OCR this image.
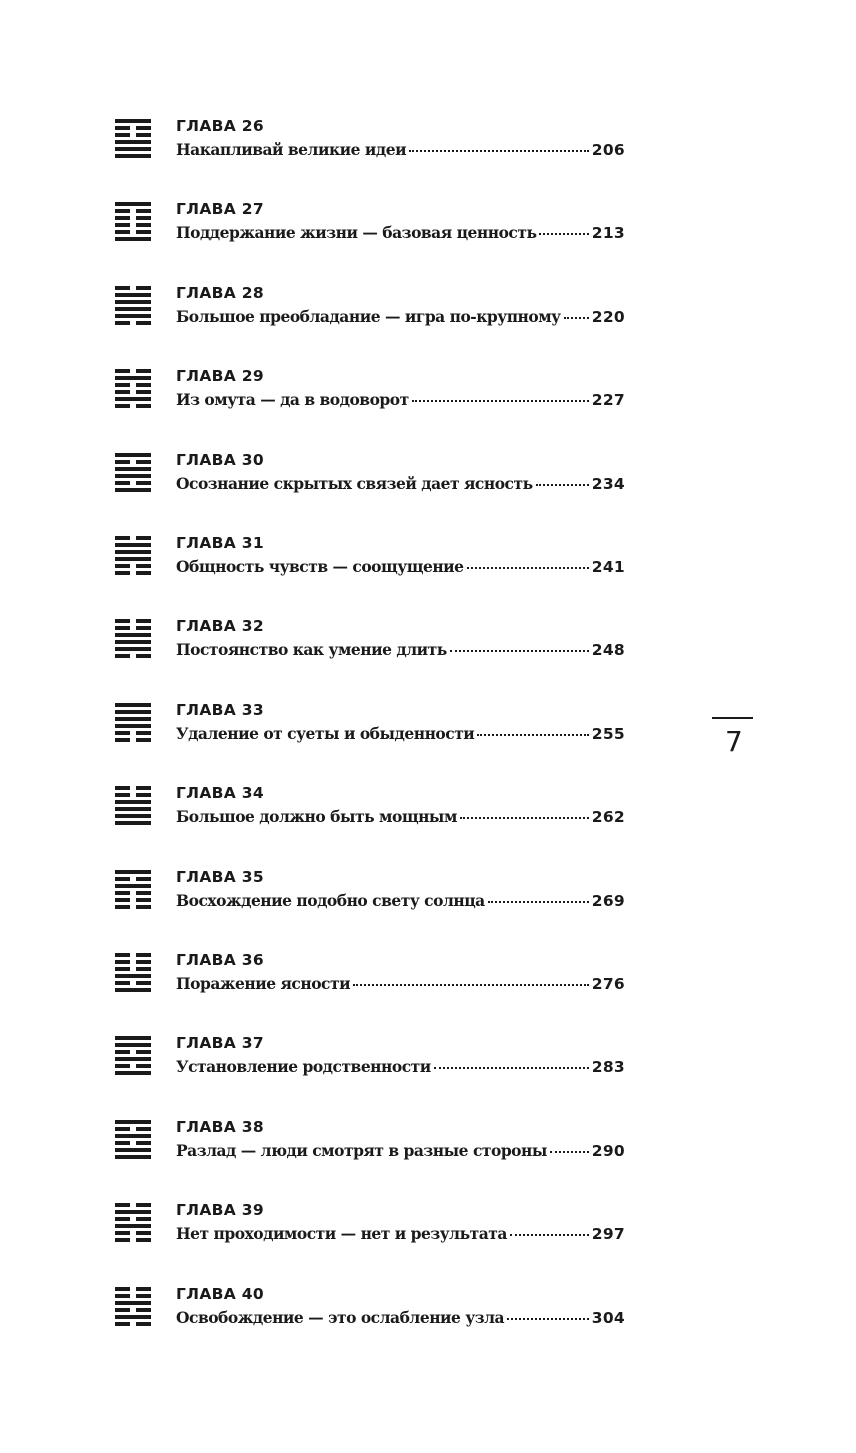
ГЛАВА 26
Накапливай великие идеи	206
ГЛАВА 27
Поддержание жизни — базовая ценность	213
ГЛАВА 28
Большое преобладание — игра по-крупному 220
ГЛАВА 29
Из омута — да в водоворот	227
ГЛАВА 30
Осознание скрытых связей дает ясность	234
ГЛАВА 31
Общность чувств — соощущение	241
ГЛАВА 32
Постоянство как умение длить	248
ГЛАВА 33
Удаление от суеты и обыденности	255
ГЛАВА 34
Большое должно быть мощным	262
ГЛАВА 35
Восхождение подобно свету солнца	269
ГЛАВА 36
Поражение ясности	276
ГЛАВА 37
Установление родственности	283
ГЛАВА 38
Разлад — люди смотрят в разные стороны	290
ГЛАВА 39
Нет проходимости — нет и результата	297
ГЛАВА 40
Освобождение — это ослабление узла	304
7
